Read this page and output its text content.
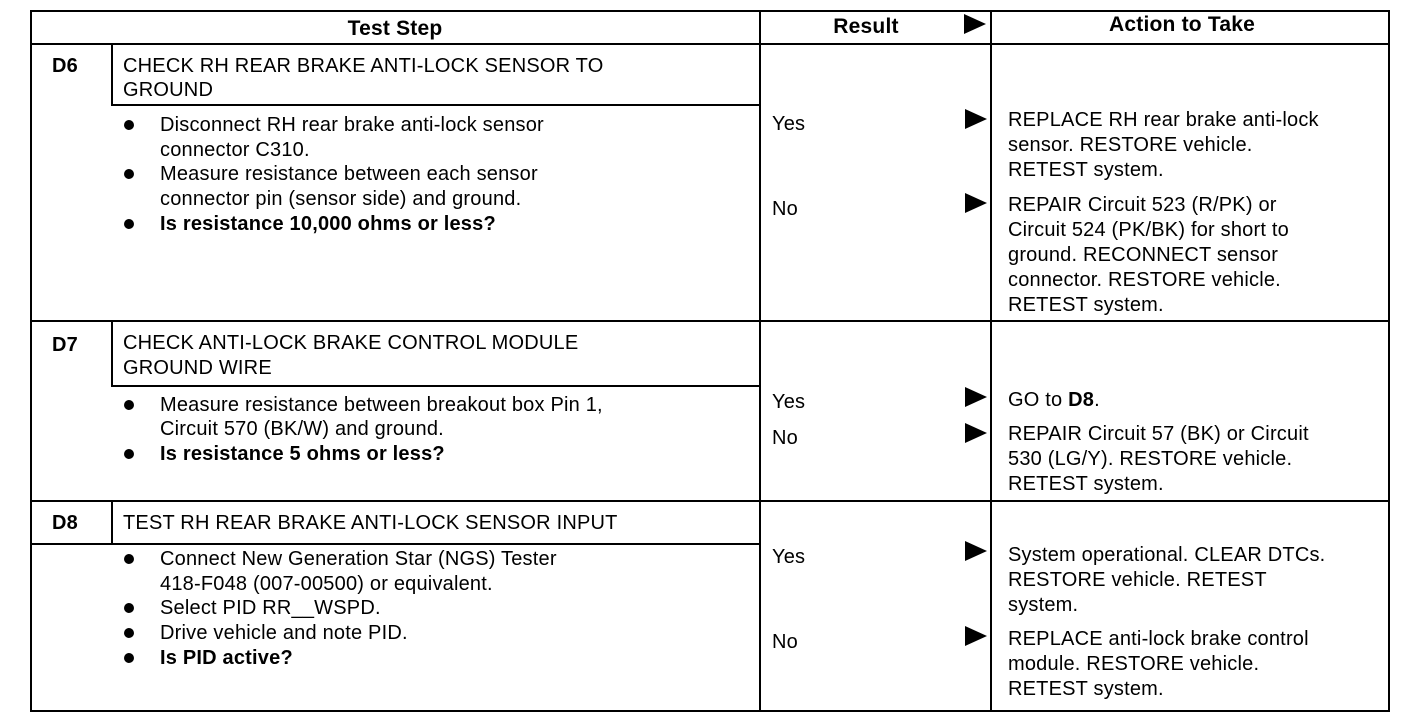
Test Step	Result	Action to Take
D6 CHECK RH REAR BRAKE ANTI-LOCK SENSOR TO
GROUND
Disconnect RH rear brake anti-lock sensor
connector C310.
Measure resistance between each sensor
connector pin (sensor side) and ground.
Is resistance 10,000 ohms or less?
Yes	REPLACE RH rear brake anti-lock
sensor. RESTORE vehicle.
RETEST system.
No	REPAIR Circuit 523 (R/PK) or
Circuit 524 (PK/BK) for short to
ground. RECONNECT sensor
connector. RESTORE vehicle.
RETEST system.
D7 CHECK ANTI-LOCK BRAKE CONTROL MODULE
GROUND WIRE
Measure resistance between breakout box Pin 1,
Circuit 570 (BK/W) and ground.
Is resistance 5 ohms or less?
Yes	GO to D8.
No	REPAIR Circuit 57 (BK) or Circuit
530 (LG/Y). RESTORE vehicle.
RETEST system.
D8 TEST RH REAR BRAKE ANTI-LOCK SENSOR INPUT
Connect New Generation Star (NGS) Tester
418-F048 (007-00500) or equivalent.
Select PID RR__WSPD.
Drive vehicle and note PID.
Is PID active?
Yes	System operational. CLEAR DTCs.
RESTORE vehicle. RETEST
system.
No	REPLACE anti-lock brake control
module. RESTORE vehicle.
RETEST system.
